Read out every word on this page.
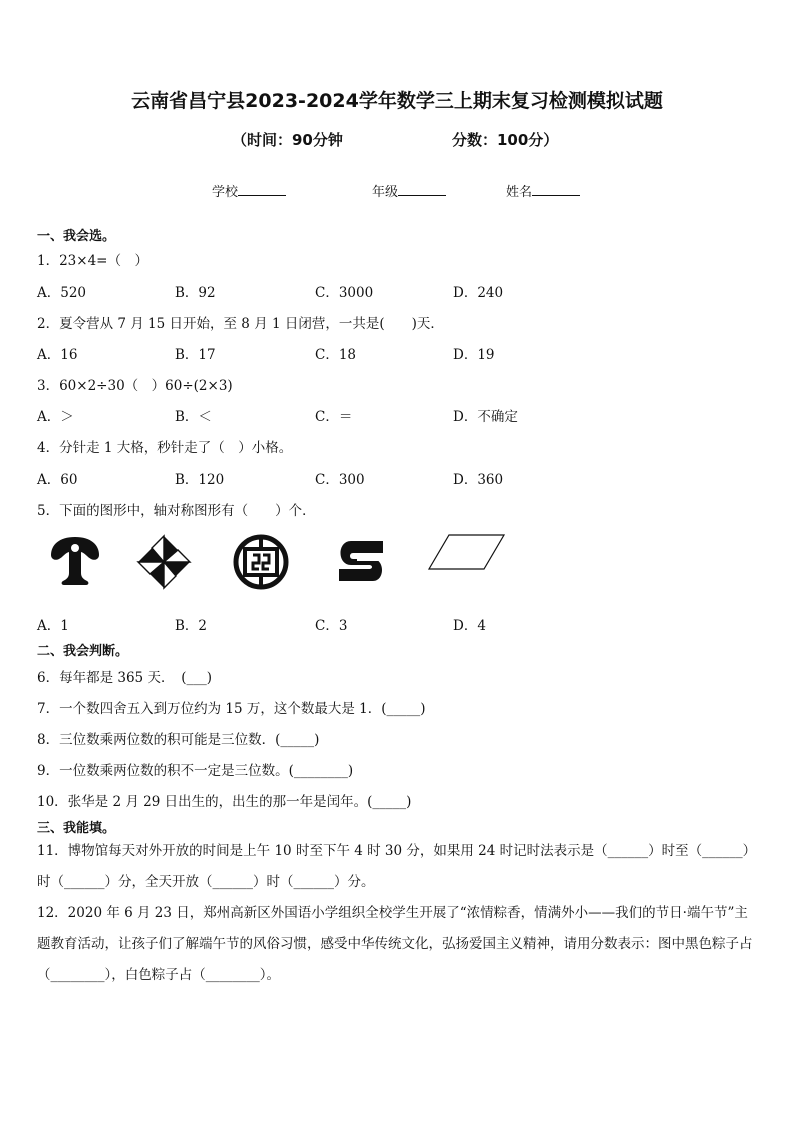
云南省昌宁县2023-2024学年数学三上期末复习检测模拟试题
（时间：90分钟	分数：100分）
学校	年级	姓名
一、我会选。
1．23×4=（　）
A．520	B．92	C．3000	D．240
2．夏令营从 7 月 15 日开始，至 8 月 1 日闭营，一共是(　　)天．
A．16	B．17	C．18	D．19
3．60×2÷30（　）60÷(2×3)
A．＞	B．＜	C．＝	D．不确定
4．分针走 1 大格，秒针走了（　）小格。
A．60	B．120	C．300	D．360
5．下面的图形中，轴对称图形有（　　）个．
A．1	B．2	C．3	D．4
二、我会判断。
6．每年都是 365 天．　(___)
7．一个数四舍五入到万位约为 15 万，这个数最大是 1．(_____)
8．三位数乘两位数的积可能是三位数．(_____)
9．一位数乘两位数的积不一定是三位数。(________)
10．张华是 2 月 29 日出生的，出生的那一年是闰年。(_____)
三、我能填。
11．博物馆每天对外开放的时间是上午 10 时至下午 4 时 30 分，如果用 24 时记时法表示是（______）时至（______）时（______）分，全天开放（______）时（______）分。
12．2020 年 6 月 23 日，郑州高新区外国语小学组织全校学生开展了“浓情粽香，情满外小——我们的节日·端午节”主题教育活动，让孩子们了解端午节的风俗习惯，感受中华传统文化，弘扬爱国主义精神，请用分数表示：图中黑色粽子占（________），白色粽子占（________）。
